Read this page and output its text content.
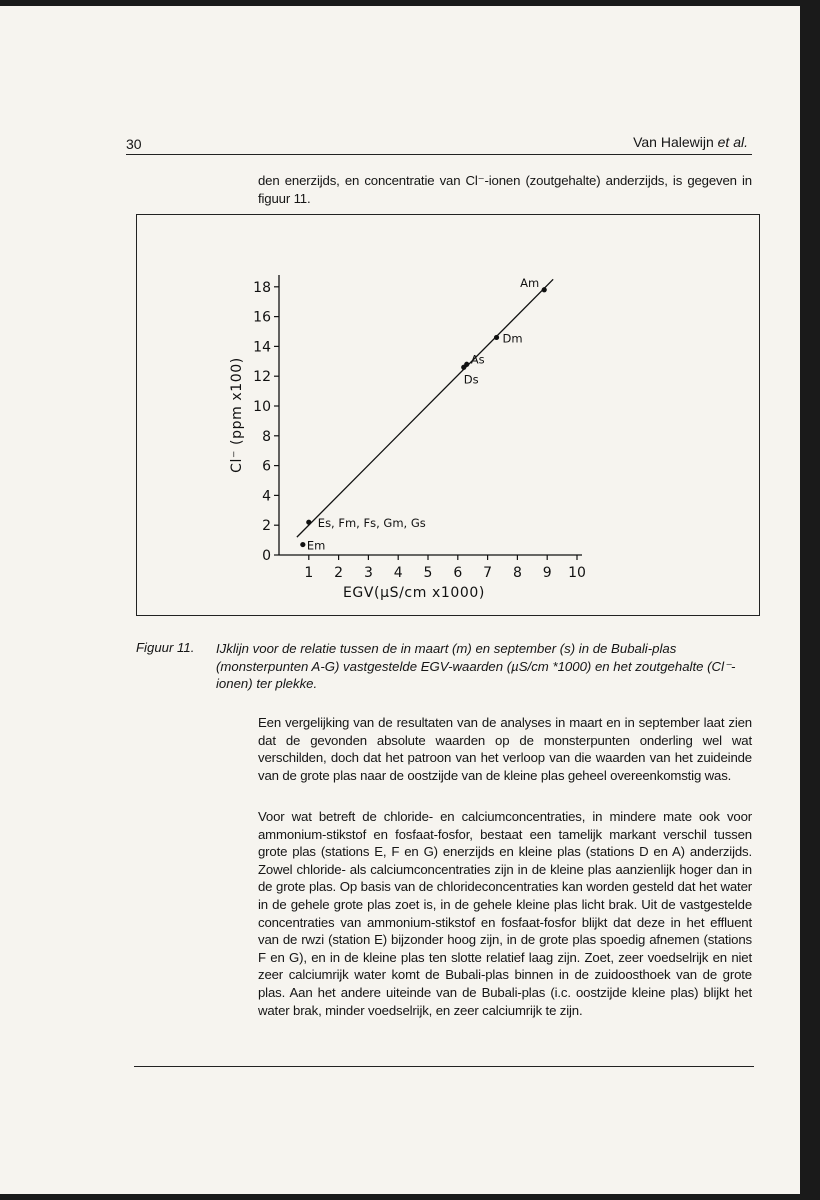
30	Van Halewijn et al.

den enerzijds, en concentratie van Cl⁻-ionen (zoutgehalte) anderzijds, is gegeven in figuur 11.

0
2
4
6
8
10
12
14
16
18
1 2 3 4 5 6 7 8 9 10
Em
Es, Fm, Fs, Gm, Gs
As
Ds
Dm
Am
EGV(µS/cm x1000)
Cl⁻ (ppm x100)
Figuur 11. IJklijn voor de relatie tussen de in maart (m) en september (s) in de Bubali-plas (monsterpunten A-G) vastgestelde EGV-waarden (µS/cm *1000) en het zoutgehalte (Cl⁻-ionen) ter plekke.

Een vergelijking van de resultaten van de analyses in maart en in september laat zien dat de gevonden absolute waarden op de monsterpunten onderling wel wat verschilden, doch dat het patroon van het verloop van die waarden van het zuideinde van de grote plas naar de oostzijde van de kleine plas geheel overeenkomstig was.

Voor wat betreft de chloride- en calciumconcentraties, in mindere mate ook voor ammonium-stikstof en fosfaat-fosfor, bestaat een tamelijk markant verschil tussen grote plas (stations E, F en G) enerzijds en kleine plas (stations D en A) anderzijds. Zowel chloride- als calciumconcentraties zijn in de kleine plas aanzienlijk hoger dan in de grote plas. Op basis van de chlorideconcentraties kan worden gesteld dat het water in de gehele grote plas zoet is, in de gehele kleine plas licht brak. Uit de vastgestelde concentraties van ammonium-stikstof en fosfaat-fosfor blijkt dat deze in het effluent van de rwzi (station E) bijzonder hoog zijn, in de grote plas spoedig afnemen (stations F en G), en in de kleine plas ten slotte relatief laag zijn. Zoet, zeer voedselrijk en niet zeer calciumrijk water komt de Bubali-plas binnen in de zuidoosthoek van de grote plas. Aan het andere uiteinde van de Bubali-plas (i.c. oostzijde kleine plas) blijkt het water brak, minder voedselrijk, en zeer calciumrijk te zijn.
